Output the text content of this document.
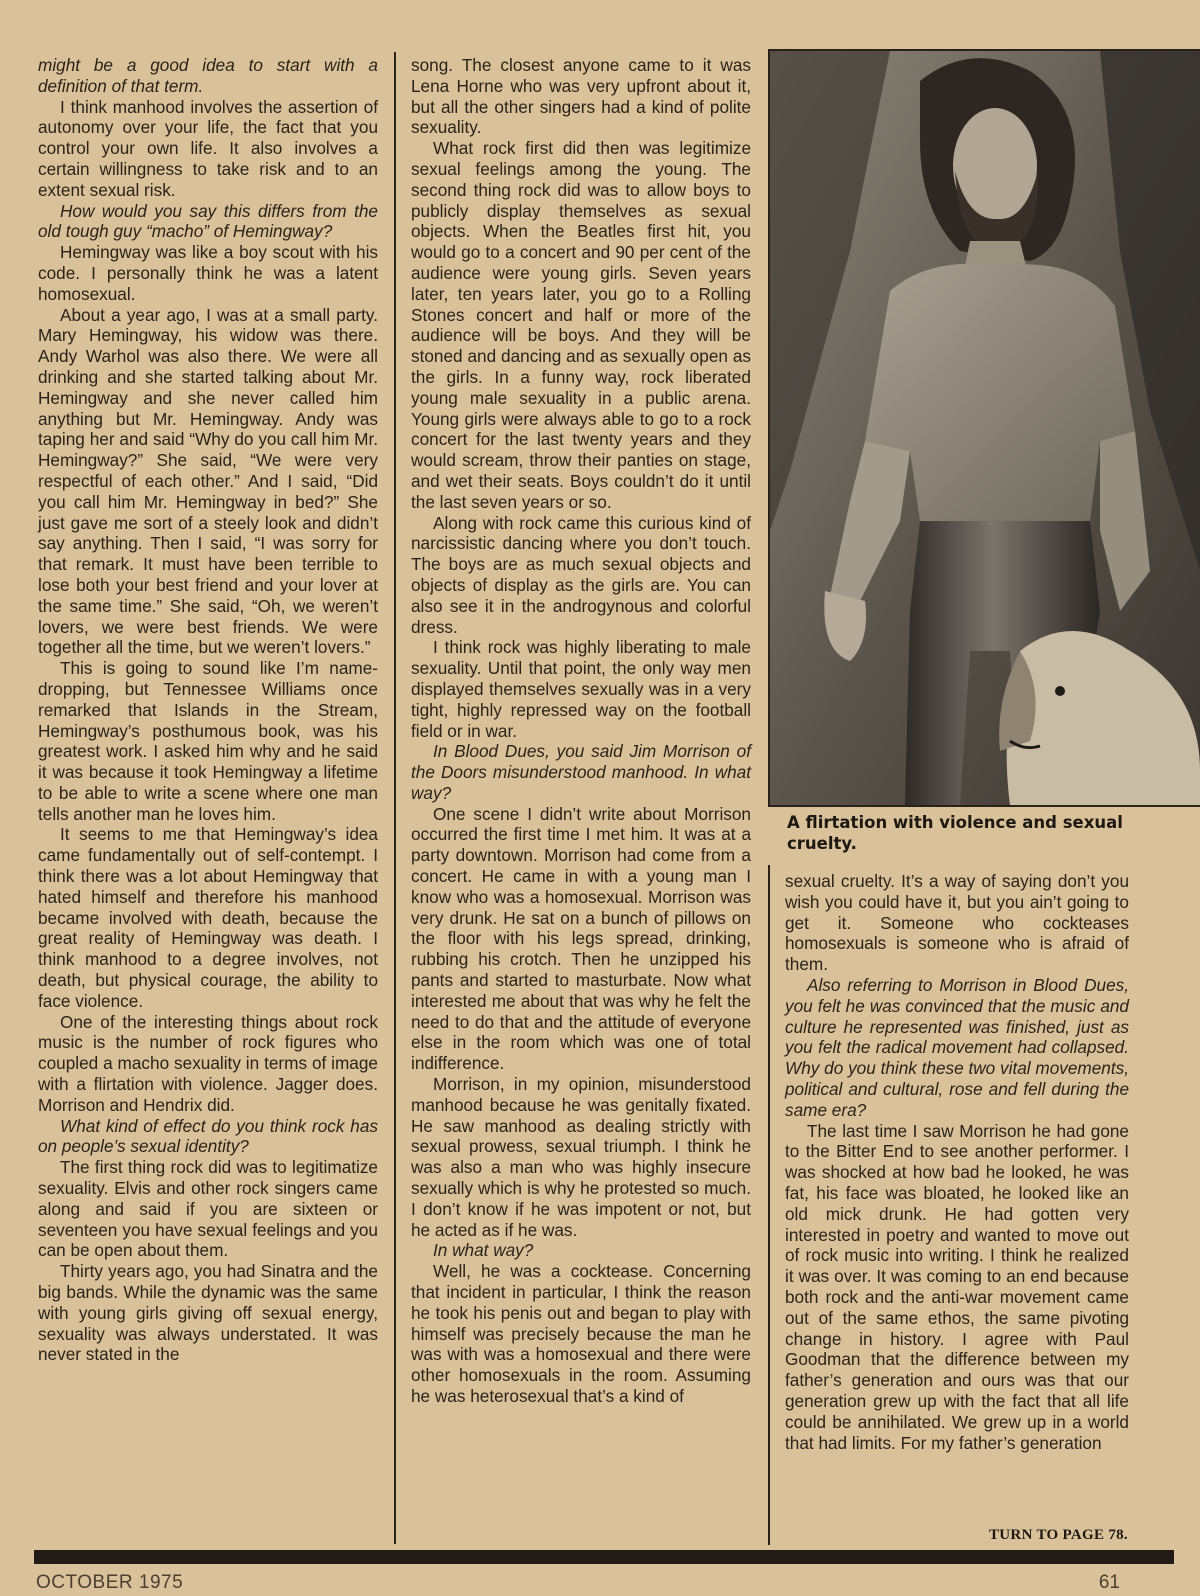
might be a good idea to start with a definition of that term.

I think manhood involves the assertion of autonomy over your life, the fact that you control your own life. It also involves a certain willingness to take risk and to an extent sexual risk.

How would you say this differs from the old tough guy “macho” of Hemingway?

Hemingway was like a boy scout with his code. I personally think he was a latent homosexual.

About a year ago, I was at a small party. Mary Hemingway, his widow was there. Andy Warhol was also there. We were all drinking and she started talking about Mr. Hemingway and she never called him anything but Mr. Hemingway. Andy was taping her and said “Why do you call him Mr. Hemingway?” She said, “We were very respectful of each other.” And I said, “Did you call him Mr. Hemingway in bed?” She just gave me sort of a steely look and didn’t say anything. Then I said, “I was sorry for that remark. It must have been terrible to lose both your best friend and your lover at the same time.” She said, “Oh, we weren’t lovers, we were best friends. We were together all the time, but we weren’t lovers.”

This is going to sound like I’m name-dropping, but Tennessee Williams once remarked that Islands in the Stream, Hemingway’s posthumous book, was his greatest work. I asked him why and he said it was because it took Hemingway a lifetime to be able to write a scene where one man tells another man he loves him.

It seems to me that Hemingway’s idea came fundamentally out of self-contempt. I think there was a lot about Hemingway that hated himself and therefore his manhood became involved with death, because the great reality of Hemingway was death. I think manhood to a degree involves, not death, but physical courage, the ability to face violence.

One of the interesting things about rock music is the number of rock figures who coupled a macho sexuality in terms of image with a flirtation with violence. Jagger does. Morrison and Hendrix did.

What kind of effect do you think rock has on people’s sexual identity?

The first thing rock did was to legitimatize sexuality. Elvis and other rock singers came along and said if you are sixteen or seventeen you have sexual feelings and you can be open about them.

Thirty years ago, you had Sinatra and the big bands. While the dynamic was the same with young girls giving off sexual energy, sexuality was always understated. It was never stated in the

song. The closest anyone came to it was Lena Horne who was very upfront about it, but all the other singers had a kind of polite sexuality.

What rock first did then was legitimize sexual feelings among the young. The second thing rock did was to allow boys to publicly display themselves as sexual objects. When the Beatles first hit, you would go to a concert and 90 per cent of the audience were young girls. Seven years later, ten years later, you go to a Rolling Stones concert and half or more of the audience will be boys. And they will be stoned and dancing and as sexually open as the girls. In a funny way, rock liberated young male sexuality in a public arena. Young girls were always able to go to a rock concert for the last twenty years and they would scream, throw their panties on stage, and wet their seats. Boys couldn’t do it until the last seven years or so.

Along with rock came this curious kind of narcissistic dancing where you don’t touch. The boys are as much sexual objects and objects of display as the girls are. You can also see it in the androgynous and colorful dress.

I think rock was highly liberating to male sexuality. Until that point, the only way men displayed themselves sexually was in a very tight, highly repressed way on the football field or in war.

In Blood Dues, you said Jim Morrison of the Doors misunderstood manhood. In what way?

One scene I didn’t write about Morrison occurred the first time I met him. It was at a party downtown. Morrison had come from a concert. He came in with a young man I know who was a homosexual. Morrison was very drunk. He sat on a bunch of pillows on the floor with his legs spread, drinking, rubbing his crotch. Then he unzipped his pants and started to masturbate. Now what interested me about that was why he felt the need to do that and the attitude of everyone else in the room which was one of total indifference.

Morrison, in my opinion, misunderstood manhood because he was genitally fixated. He saw manhood as dealing strictly with sexual prowess, sexual triumph. I think he was also a man who was highly insecure sexually which is why he protested so much. I don’t know if he was impotent or not, but he acted as if he was.

In what way?

Well, he was a cocktease. Concerning that incident in particular, I think the reason he took his penis out and began to play with himself was precisely because the man he was with was a homosexual and there were other homosexuals in the room. Assuming he was heterosexual that’s a kind of

A flirtation with violence and sexual cruelty.

sexual cruelty. It’s a way of saying don’t you wish you could have it, but you ain’t going to get it. Someone who cockteases homosexuals is someone who is afraid of them.

Also referring to Morrison in Blood Dues, you felt he was convinced that the music and culture he represented was finished, just as you felt the radical movement had collapsed. Why do you think these two vital movements, political and cultural, rose and fell during the same era?

The last time I saw Morrison he had gone to the Bitter End to see another performer. I was shocked at how bad he looked, he was fat, his face was bloated, he looked like an old mick drunk. He had gotten very interested in poetry and wanted to move out of rock music into writing. I think he realized it was over. It was coming to an end because both rock and the anti-war movement came out of the same ethos, the same pivoting change in history. I agree with Paul Goodman that the difference between my father’s generation and ours was that our generation grew up with the fact that all life could be annihilated. We grew up in a world that had limits. For my father’s generation

TURN TO PAGE 78.
OCTOBER 1975	61
